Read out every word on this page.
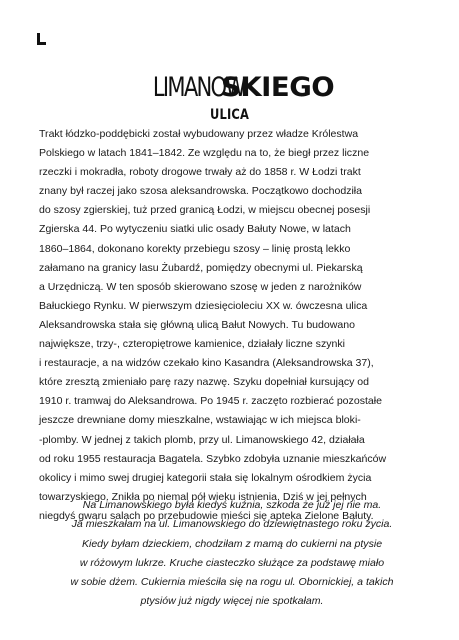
LIMANOWSKIEGO
ULICA
Trakt łódzko-poddębicki został wybudowany przez władze Królestwa
Polskiego w latach 1841–1842. Ze względu na to, że biegł przez liczne
rzeczki i mokradła, roboty drogowe trwały aż do 1858 r. W Łodzi trakt
znany był raczej jako szosa aleksandrowska. Początkowo dochodziła
do szosy zgierskiej, tuż przed granicą Łodzi, w miejscu obecnej posesji
Zgierska 44. Po wytyczeniu siatki ulic osady Bałuty Nowe, w latach
1860–1864, dokonano korekty przebiegu szosy – linię prostą lekko
załamano na granicy lasu Żubardź, pomiędzy obecnymi ul. Piekarską
a Urzędniczą. W ten sposób skierowano szosę w jeden z narożników
Bałuckiego Rynku. W pierwszym dziesięcioleciu XX w. ówczesna ulica
Aleksandrowska stała się główną ulicą Bałut Nowych. Tu budowano
największe, trzy-, czteropiętrowe kamienice, działały liczne szynki
i restauracje, a na widzów czekało kino Kasandra (Aleksandrowska 37),
które zresztą zmieniało parę razy nazwę. Szyku dopełniał kursujący od
1910 r. tramwaj do Aleksandrowa. Po 1945 r. zaczęto rozbierać pozostałe
jeszcze drewniane domy mieszkalne, wstawiając w ich miejsca bloki-
-plomby. W jednej z takich plomb, przy ul. Limanowskiego 42, działała
od roku 1955 restauracja Bagatela. Szybko zdobyła uznanie mieszkańców
okolicy i mimo swej drugiej kategorii stała się lokalnym ośrodkiem życia
towarzyskiego. Znikła po niemal pół wieku istnienia. Dziś w jej pełnych
niegdyś gwaru salach po przebudowie mieści się apteka Zielone Bałuty.
Na Limanowskiego była kiedyś kuźnia, szkoda że już jej nie ma.
Ja mieszkałam na ul. Limanowskiego do dziewiętnastego roku życia.
Kiedy byłam dzieckiem, chodziłam z mamą do cukierni na ptysie
w różowym lukrze. Kruche ciasteczko służące za podstawę miało
w sobie dżem. Cukiernia mieściła się na rogu ul. Obornickiej, a takich
ptysiów już nigdy więcej nie spotkałam.
